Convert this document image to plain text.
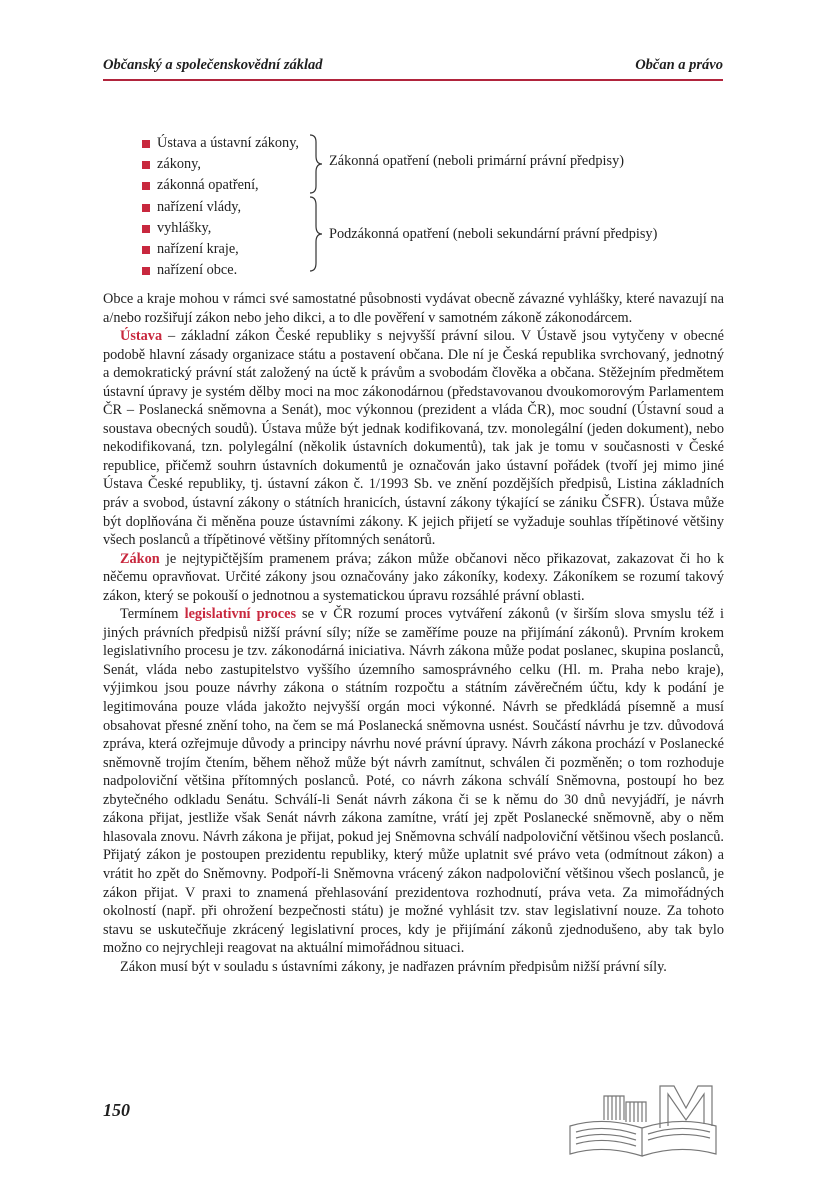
Občanský a společenskovědní základ	Občan a právo
Ústava a ústavní zákony,
zákony,
zákonná opatření,
nařízení vlády,
vyhlášky,
nařízení kraje,
nařízení obce.
Zákonná opatření (neboli primární právní předpisy)
Podzákonná opatření (neboli sekundární právní předpisy)

Obce a kraje mohou v rámci své samostatné působnosti vydávat obecně závazné vyhlášky, které navazují na a/nebo rozšiřují zákon nebo jeho dikci, a to dle pověření v samotném zákoně zákonodárcem.

Ústava – základní zákon České republiky s nejvyšší právní silou. V Ústavě jsou vytyčeny v obecné podobě hlavní zásady organizace státu a postavení občana. Dle ní je Česká republika svrchovaný, jednotný a demokratický právní stát založený na úctě k právům a svobodám člověka a občana. Stěžejním předmětem ústavní úpravy je systém dělby moci na moc zákonodárnou (představovanou dvoukomorovým Parlamentem ČR – Poslanecká sněmovna a Senát), moc výkonnou (prezident a vláda ČR), moc soudní (Ústavní soud a soustava obecných soudů). Ústava může být jednak kodifikovaná, tzv. monolegální (jeden dokument), nebo nekodifikovaná, tzn. polylegální (několik ústavních dokumentů), tak jak je tomu v současnosti v České republice, přičemž souhrn ústavních dokumentů je označován jako ústavní pořádek (tvoří jej mimo jiné Ústava České republiky, tj. ústavní zákon č. 1/1993 Sb. ve znění pozdějších předpisů, Listina základních práv a svobod, ústavní zákony o státních hranicích, ústavní zákony týkající se zániku ČSFR). Ústava může být doplňována či měněna pouze ústavními zákony. K jejich přijetí se vyžaduje souhlas třípětinové většiny všech poslanců a třípětinové většiny přítomných senátorů.

Zákon je nejtypičtějším pramenem práva; zákon může občanovi něco přikazovat, zakazovat či ho k něčemu opravňovat. Určité zákony jsou označovány jako zákoníky, kodexy. Zákoníkem se rozumí takový zákon, který se pokouší o jednotnou a systematickou úpravu rozsáhlé právní oblasti.

Termínem legislativní proces se v ČR rozumí proces vytváření zákonů (v širším slova smyslu též i jiných právních předpisů nižší právní síly; níže se zaměříme pouze na přijímání zákonů). Prvním krokem legislativního procesu je tzv. zákonodárná iniciativa. Návrh zákona může podat poslanec, skupina poslanců, Senát, vláda nebo zastupitelstvo vyššího územního samosprávného celku (Hl. m. Praha nebo kraje), výjimkou jsou pouze návrhy zákona o státním rozpočtu a státním závěrečném účtu, kdy k podání je legitimována pouze vláda jakožto nejvyšší orgán moci výkonné. Návrh se předkládá písemně a musí obsahovat přesné znění toho, na čem se má Poslanecká sněmovna usnést. Součástí návrhu je tzv. důvodová zpráva, která ozřejmuje důvody a principy návrhu nové právní úpravy. Návrh zákona prochází v Poslanecké sněmovně trojím čtením, během něhož může být návrh zamítnut, schválen či pozměněn; o tom rozhoduje nadpoloviční většina přítomných poslanců. Poté, co návrh zákona schválí Sněmovna, postoupí ho bez zbytečného odkladu Senátu. Schválí-li Senát návrh zákona či se k němu do 30 dnů nevyjádří, je návrh zákona přijat, jestliže však Senát návrh zákona zamítne, vrátí jej zpět Poslanecké sněmovně, aby o něm hlasovala znovu. Návrh zákona je přijat, pokud jej Sněmovna schválí nadpoloviční většinou všech poslanců. Přijatý zákon je postoupen prezidentu republiky, který může uplatnit své právo veta (odmítnout zákon) a vrátit ho zpět do Sněmovny. Podpoří-li Sněmovna vrácený zákon nadpoloviční většinou všech poslanců, je zákon přijat. V praxi to znamená přehlasování prezidentova rozhodnutí, práva veta. Za mimořádných okolností (např. při ohrožení bezpečnosti státu) je možné vyhlásit tzv. stav legislativní nouze. Za tohoto stavu se uskutečňuje zkrácený legislativní proces, kdy je přijímání zákonů zjednodušeno, aby tak bylo možno co nejrychleji reagovat na aktuální mimořádnou situaci.

Zákon musí být v souladu s ústavními zákony, je nadřazen právním předpisům nižší právní síly.

150
